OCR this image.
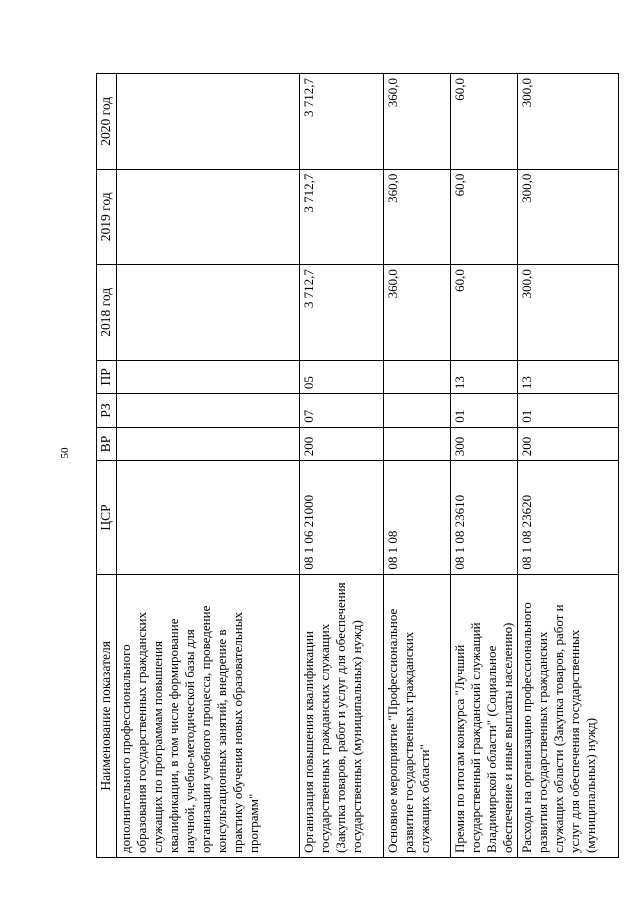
50
Наименование показателя	ЦСР	ВР	РЗ	ПР	2018 год	2019 год	2020 год
дополнительного профессионального образования государственных гражданских служащих по программам повышения квалификации, в том числе формирование научной, учебно-методической базы для организации учебного процесса, проведение консультационных занятий, внедрение в практику обучения новых образовательных программ"							
Организация повышения квалификации государственных гражданских служащих (Закупка товаров, работ и услуг для обеспечения государственных (муниципальных) нужд)	08 1 06 21000	200	07	05	3 712,7	3 712,7	3 712,7
Основное мероприятие "Профессиональное развитие государственных гражданских служащих области"	08 1 08				360,0	360,0	360,0
Премия по итогам конкурса "Лучший государственный гражданский служащий Владимирской области" (Социальное обеспечение и иные выплаты населению)	08 1 08 23610	300	01	13	60,0	60,0	60,0
Расходы на организацию профессионального развития государственных гражданских служащих области (Закупка товаров, работ и услуг для обеспечения государственных (муниципальных) нужд)	08 1 08 23620	200	01	13	300,0	300,0	300,0
